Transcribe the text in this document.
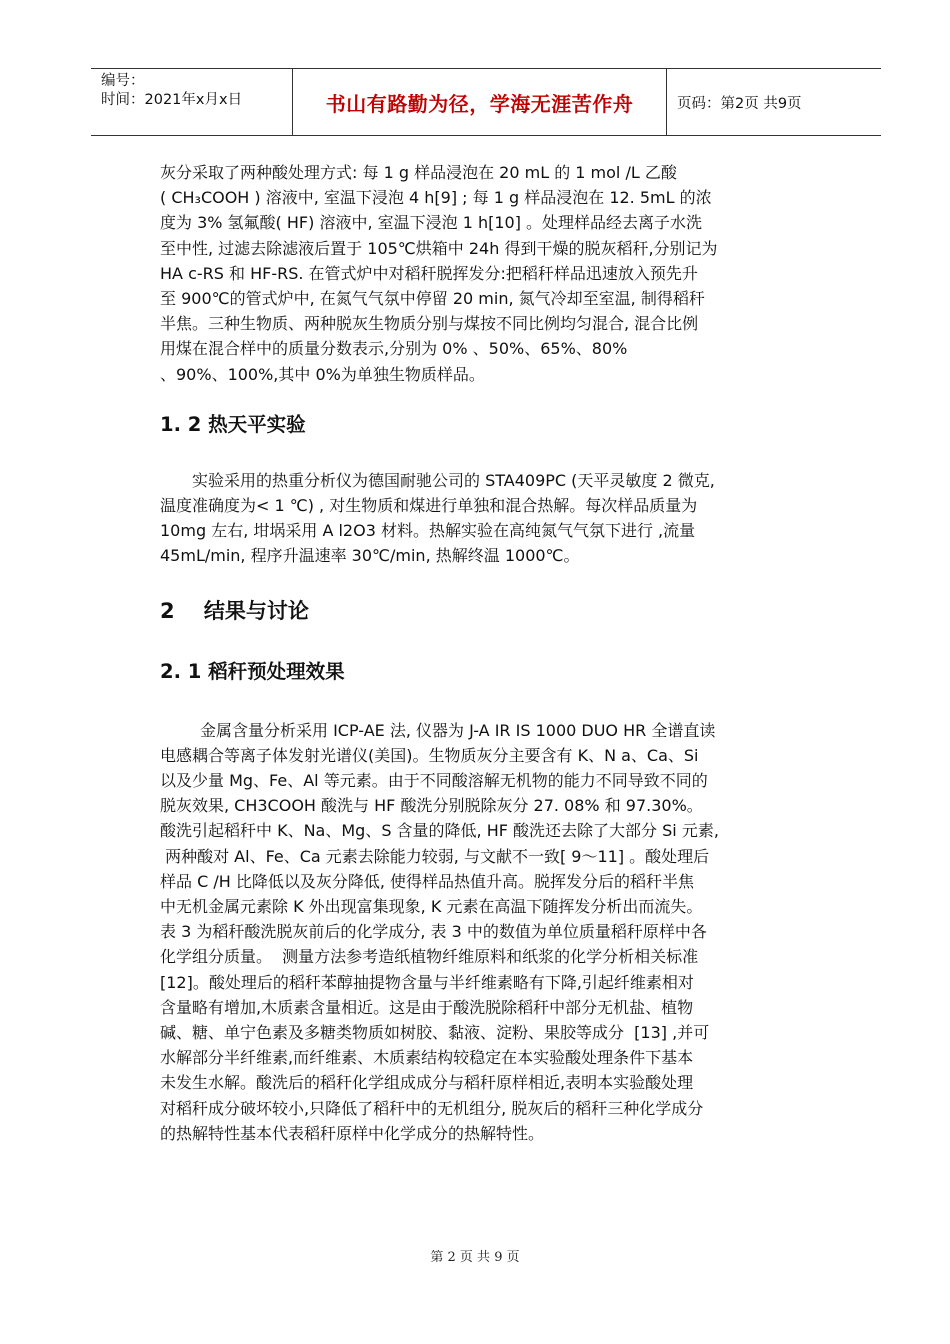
编号：
时间：2021年x月x日	书山有路勤为径，学海无涯苦作舟	页码：第2页 共9页

灰分采取了两种酸处理方式: 每 1 g 样品浸泡在 20 mL 的 1 mol /L 乙酸
( CH₃COOH ) 溶液中, 室温下浸泡 4 h[9] ; 每 1 g 样品浸泡在 12. 5mL 的浓
度为 3% 氢氟酸( HF) 溶液中, 室温下浸泡 1 h[10] 。处理样品经去离子水洗
至中性, 过滤去除滤液后置于 105℃烘箱中 24h 得到干燥的脱灰稻秆,分别记为
HA c-RS 和 HF-RS. 在管式炉中对稻秆脱挥发分:把稻秆样品迅速放入预先升
至 900℃的管式炉中, 在氮气气氛中停留 20 min, 氮气冷却至室温, 制得稻秆
半焦。三种生物质、两种脱灰生物质分别与煤按不同比例均匀混合, 混合比例
用煤在混合样中的质量分数表示,分别为 0% 、50%、65%、80%
、90%、100%,其中 0%为单独生物质样品。

1. 2 热天平实验

实验采用的热重分析仪为德国耐驰公司的 STA409PC (天平灵敏度 2 微克,
温度准确度为< 1 ℃) , 对生物质和煤进行单独和混合热解。每次样品质量为
10mg 左右, 坩埚采用 A l2O3 材料。热解实验在高纯氮气气氛下进行 ,流量
45mL/min, 程序升温速率 30℃/min, 热解终温 1000℃。

2    结果与讨论
2. 1 稻秆预处理效果

金属含量分析采用 ICP-AE 法, 仪器为 J-A IR IS 1000 DUO HR 全谱直读
电感耦合等离子体发射光谱仪(美国)。生物质灰分主要含有 K、N a、Ca、Si
以及少量 Mg、Fe、Al 等元素。由于不同酸溶解无机物的能力不同导致不同的
脱灰效果, CH3COOH 酸洗与 HF 酸洗分别脱除灰分 27. 08% 和 97.30%。
酸洗引起稻秆中 K、Na、Mg、S 含量的降低, HF 酸洗还去除了大部分 Si 元素,
两种酸对 Al、Fe、Ca 元素去除能力较弱, 与文献不一致[ 9～11] 。酸处理后
样品 C /H 比降低以及灰分降低, 使得样品热值升高。脱挥发分后的稻秆半焦
中无机金属元素除 K 外出现富集现象, K 元素在高温下随挥发分析出而流失。
表 3 为稻秆酸洗脱灰前后的化学成分, 表 3 中的数值为单位质量稻秆原样中各
化学组分质量。  测量方法参考造纸植物纤维原料和纸浆的化学分析相关标准
[12]。酸处理后的稻秆苯醇抽提物含量与半纤维素略有下降,引起纤维素相对
含量略有增加,木质素含量相近。这是由于酸洗脱除稻秆中部分无机盐、植物
碱、糖、单宁色素及多糖类物质如树胶、黏液、淀粉、果胶等成分  [13] ,并可
水解部分半纤维素,而纤维素、木质素结构较稳定在本实验酸处理条件下基本
未发生水解。酸洗后的稻秆化学组成成分与稻秆原样相近,表明本实验酸处理
对稻秆成分破坏较小,只降低了稻秆中的无机组分, 脱灰后的稻秆三种化学成分
的热解特性基本代表稻秆原样中化学成分的热解特性。

第 2 页 共 9 页
